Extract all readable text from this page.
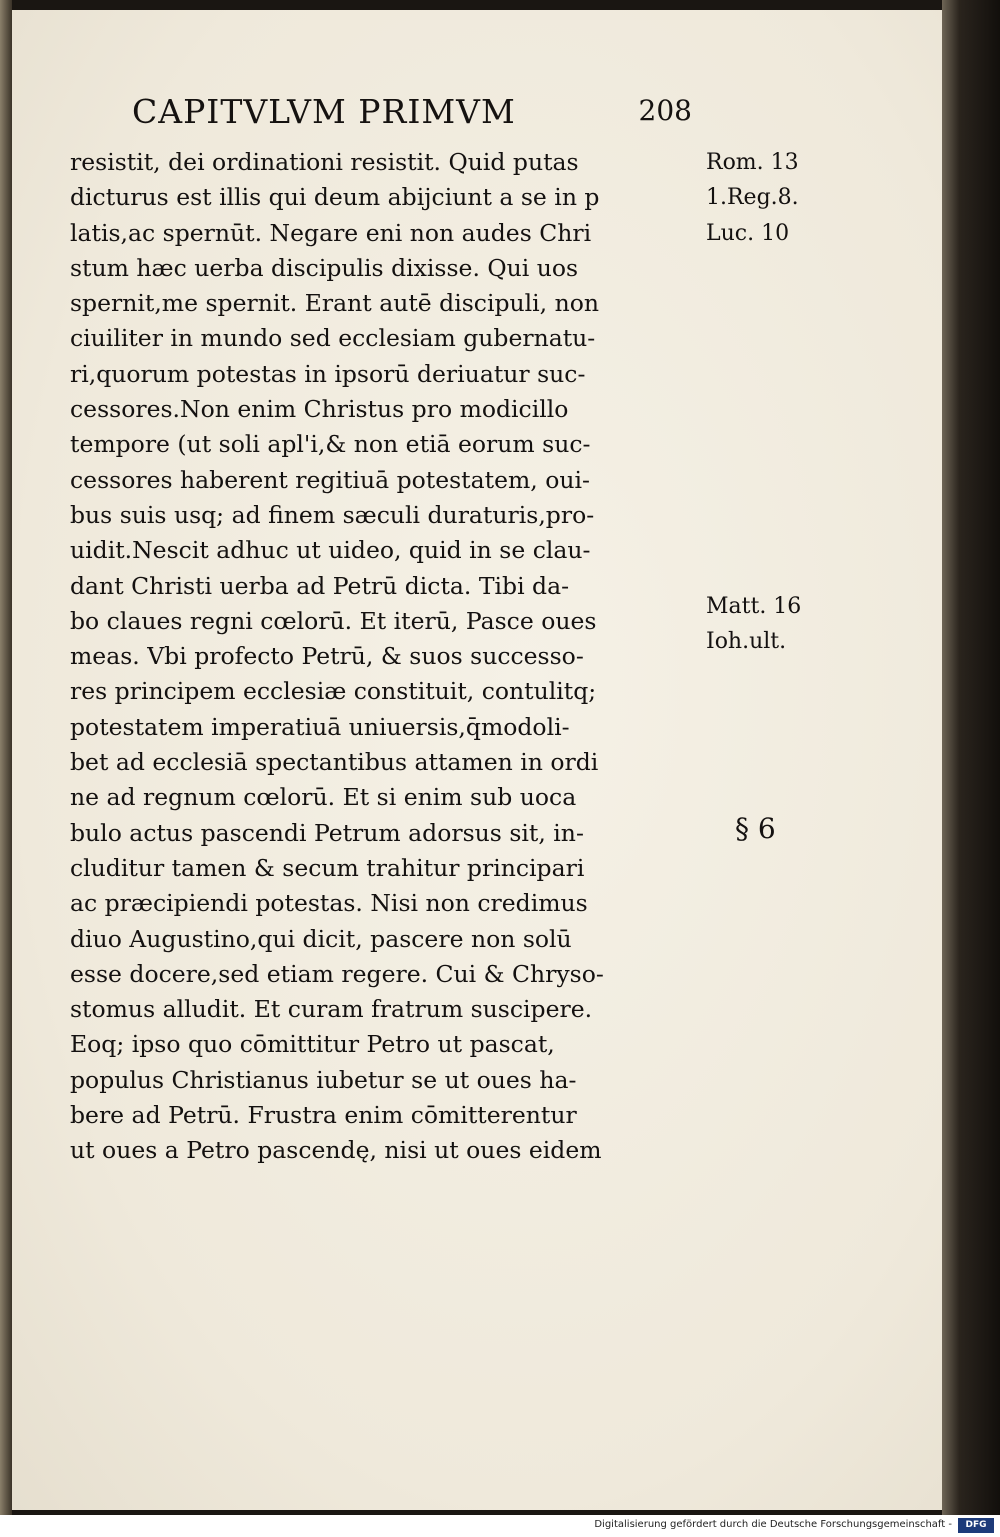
CAPITVLVM PRIMVM	208
resistit, dei ordinationi resistit. Quid putas
dicturus est illis qui deum abijciunt a se in p
latis,ac spernūt. Negare eni non audes Chri
stum hæc uerba discipulis dixisse. Qui uos
spernit,me spernit. Erant autē discipuli, non
ciuiliter in mundo sed ecclesiam gubernatu-
ri,quorum potestas in ipsorū deriuatur suc-
cessores.Non enim Christus pro modicillo
tempore (ut soli apl'i,& non etiā eorum suc-
cessores haberent regitiuā potestatem, oui-
bus suis usq; ad finem sæculi duraturis,pro-
uidit.Nescit adhuc ut uideo, quid in se clau-
dant Christi uerba ad Petrū dicta. Tibi da-
bo claues regni cœlorū. Et iterū, Pasce oues
meas. Vbi profecto Petrū, & suos successo-
res principem ecclesiæ constituit, contulitq;
potestatem imperatiuā uniuersis,q̄modoli-
bet ad ecclesiā spectantibus attamen in ordi
ne ad regnum cœlorū. Et si enim sub uoca
bulo actus pascendi Petrum adorsus sit, in-
cluditur tamen & secum trahitur principari
ac præcipiendi potestas. Nisi non credimus
diuo Augustino,qui dicit, pascere non solū
esse docere,sed etiam regere. Cui & Chryso-
stomus alludit. Et curam fratrum suscipere.
Eoq; ipso quo cōmittitur Petro ut pascat,
populus Christianus iubetur se ut oues ha-
bere ad Petrū. Frustra enim cōmitterentur
ut oues a Petro pascendę, nisi ut oues eidem
Rom. 13
1.Reg.8.
Luc. 10
Matt. 16
Ioh.ult.
§ 6
Digitalisierung gefördert durch die Deutsche Forschungsgemeinschaft -	DFG
